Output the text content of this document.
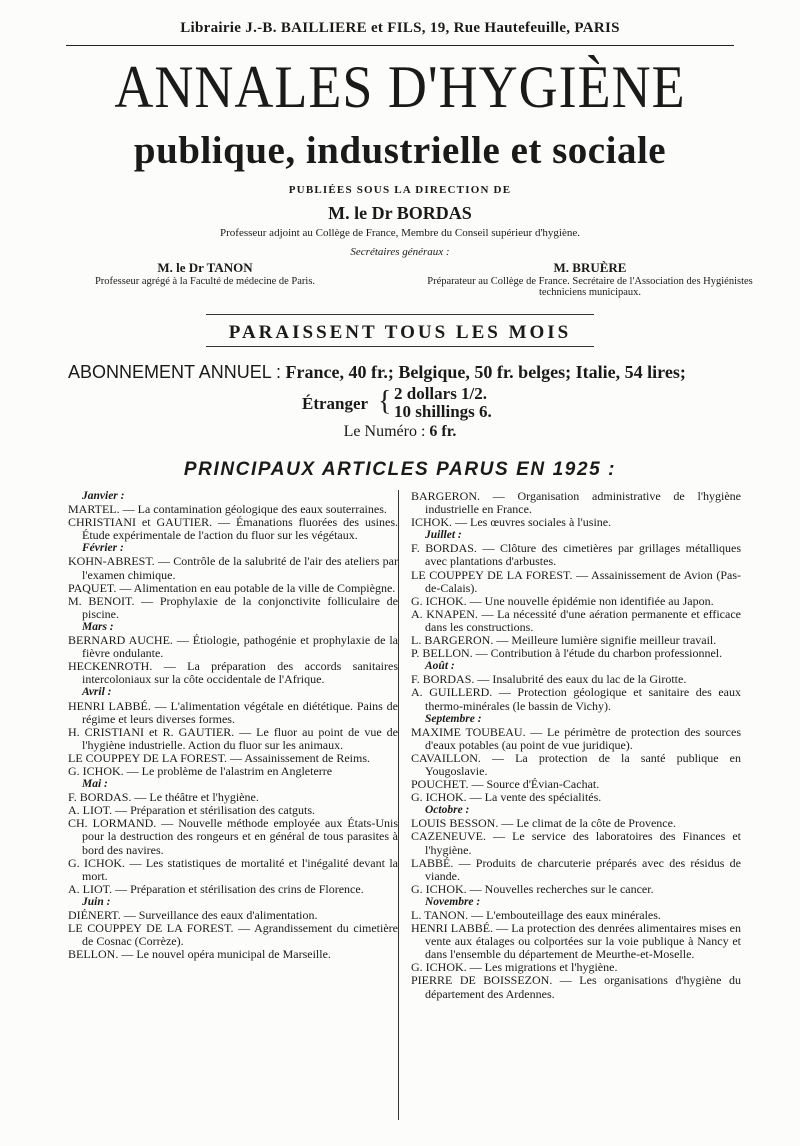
Librairie J.-B. BAILLIERE et FILS, 19, Rue Hautefeuille, PARIS
ANNALES D'HYGIÈNE
publique, industrielle et sociale
PUBLIÉES SOUS LA DIRECTION DE
M. le Dr BORDAS
Professeur adjoint au Collège de France, Membre du Conseil supérieur d'hygiène.
Secrétaires généraux :
M. le Dr TANON
Professeur agrégé à la Faculté de médecine de Paris.
M. BRUÈRE
Préparateur au Collège de France. Secrétaire de l'Association des Hygiénistes techniciens municipaux.
PARAISSENT TOUS LES MOIS
ABONNEMENT ANNUEL : France, 40 fr.; Belgique, 50 fr. belges; Italie, 54 lires;
Étranger { 2 dollars 1/2.
10 shillings 6.
Le Numéro : 6 fr.
PRINCIPAUX ARTICLES PARUS EN 1925 :

Janvier :

MARTEL. — La contamination géologique des eaux souterraines.

CHRISTIANI et GAUTIER. — Émanations fluorées des usines. Étude expérimentale de l'action du fluor sur les végétaux.

Février :

KOHN-ABREST. — Contrôle de la salubrité de l'air des ateliers par l'examen chimique.

PAQUET. — Alimentation en eau potable de la ville de Compiègne.

M. BENOIT. — Prophylaxie de la conjonctivite folliculaire de piscine.

Mars :

BERNARD AUCHE. — Étiologie, pathogénie et prophylaxie de la fièvre ondulante.

HECKENROTH. — La préparation des accords sanitaires intercoloniaux sur la côte occidentale de l'Afrique.

Avril :

HENRI LABBÉ. — L'alimentation végétale en diététique. Pains de régime et leurs diverses formes.

H. CRISTIANI et R. GAUTIER. — Le fluor au point de vue de l'hygiène industrielle. Action du fluor sur les animaux.

LE COUPPEY DE LA FOREST. — Assainissement de Reims.

G. ICHOK. — Le problème de l'alastrim en Angleterre

Mai :

F. BORDAS. — Le théâtre et l'hygiène.

A. LIOT. — Préparation et stérilisation des catguts.

CH. LORMAND. — Nouvelle méthode employée aux États-Unis pour la destruction des rongeurs et en général de tous parasites à bord des navires.

G. ICHOK. — Les statistiques de mortalité et l'inégalité devant la mort.

A. LIOT. — Préparation et stérilisation des crins de Florence.

Juin :

DIÉNERT. — Surveillance des eaux d'alimentation.

LE COUPPEY DE LA FOREST. — Agrandissement du cimetière de Cosnac (Corrèze).

BELLON. — Le nouvel opéra municipal de Marseille.

BARGERON. — Organisation administrative de l'hygiène industrielle en France.

ICHOK. — Les œuvres sociales à l'usine.

Juillet :

F. BORDAS. — Clôture des cimetières par grillages métalliques avec plantations d'arbustes.

LE COUPPEY DE LA FOREST. — Assainissement de Avion (Pas-de-Calais).

G. ICHOK. — Une nouvelle épidémie non identifiée au Japon.

A. KNAPEN. — La nécessité d'une aération permanente et efficace dans les constructions.

L. BARGERON. — Meilleure lumière signifie meilleur travail.

P. BELLON. — Contribution à l'étude du charbon professionnel.

Août :

F. BORDAS. — Insalubrité des eaux du lac de la Girotte.

A. GUILLERD. — Protection géologique et sanitaire des eaux thermo-minérales (le bassin de Vichy).

Septembre :

MAXIME TOUBEAU. — Le périmètre de protection des sources d'eaux potables (au point de vue juridique).

CAVAILLON. — La protection de la santé publique en Yougoslavie.

POUCHET. — Source d'Évian-Cachat.

G. ICHOK. — La vente des spécialités.

Octobre :

LOUIS BESSON. — Le climat de la côte de Provence.

CAZENEUVE. — Le service des laboratoires des Finances et l'hygiène.

LABBÉ. — Produits de charcuterie préparés avec des résidus de viande.

G. ICHOK. — Nouvelles recherches sur le cancer.

Novembre :

L. TANON. — L'embouteillage des eaux minérales.

HENRI LABBÉ. — La protection des denrées alimentaires mises en vente aux étalages ou colportées sur la voie publique à Nancy et dans l'ensemble du département de Meurthe-et-Moselle.

G. ICHOK. — Les migrations et l'hygiène.

PIERRE DE BOISSEZON. — Les organisations d'hygiène du département des Ardennes.
